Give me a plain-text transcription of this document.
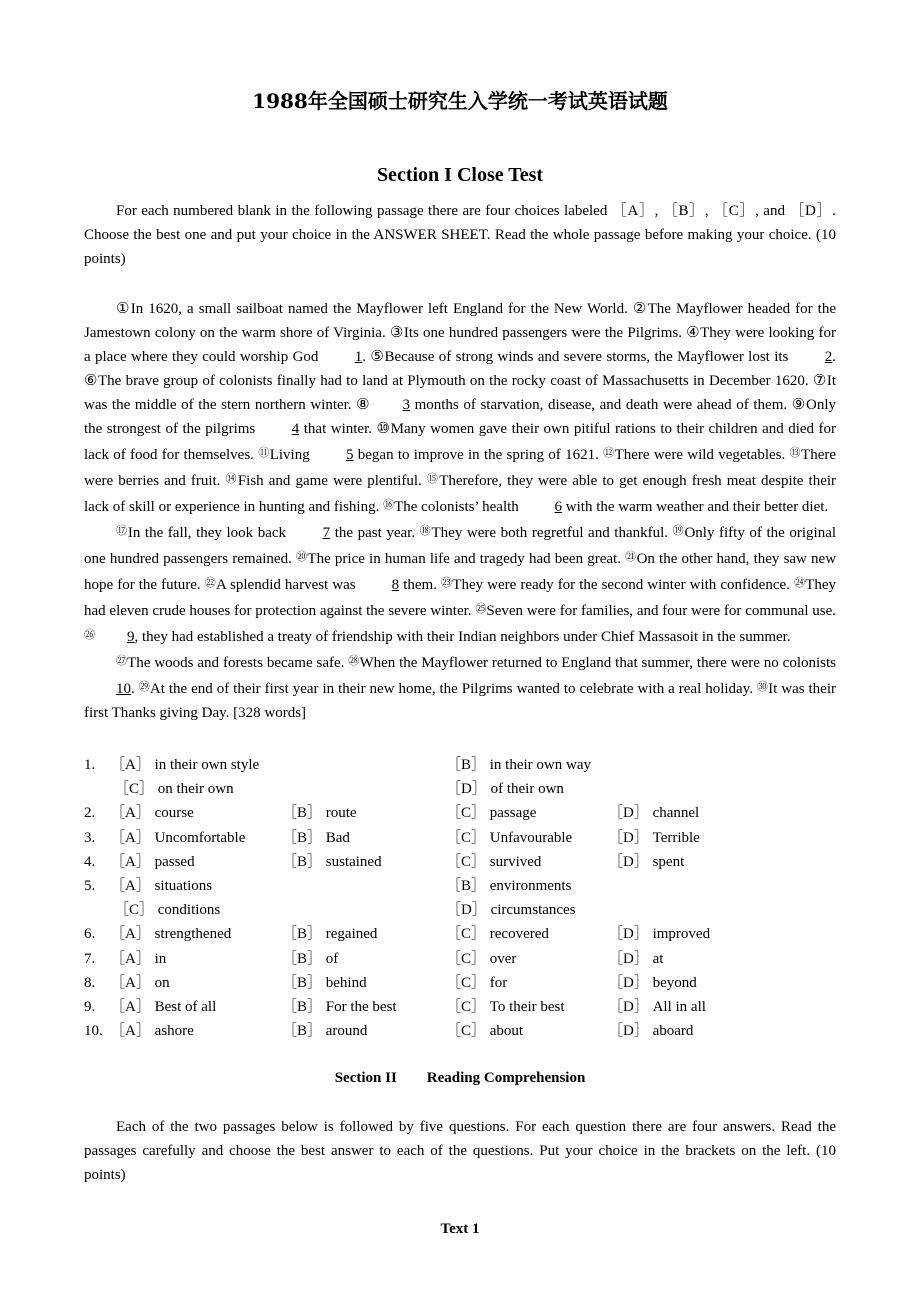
1988年全国硕士研究生入学统一考试英语试题
Section I Close Test

For each numbered blank in the following passage there are four choices labeled ［A］, ［B］, ［C］, and ［D］. Choose the best one and put your choice in the ANSWER SHEET. Read the whole passage before making your choice. (10 points)

①In 1620, a small sailboat named the Mayflower left England for the New World. ②The Mayflower headed for the Jamestown colony on the warm shore of Virginia. ③Its one hundred passengers were the Pilgrims. ④They were looking for a place where they could worship God 1. ⑤Because of strong winds and severe storms, the Mayflower lost its 2. ⑥The brave group of colonists finally had to land at Plymouth on the rocky coast of Massachusetts in December 1620. ⑦It was the middle of the stern northern winter. ⑧ 3 months of starvation, disease, and death were ahead of them. ⑨Only the strongest of the pilgrims 4 that winter. ⑩Many women gave their own pitiful rations to their children and died for lack of food for themselves. ⑪Living 5 began to improve in the spring of 1621. ⑫There were wild vegetables. ⑬There were berries and fruit. ⑭Fish and game were plentiful. ⑮Therefore, they were able to get enough fresh meat despite their lack of skill or experience in hunting and fishing. ⑯The colonists’ health 6 with the warm weather and their better diet.

⑰In the fall, they look back 7 the past year. ⑱They were both regretful and thankful. ⑲Only fifty of the original one hundred passengers remained. ⑳The price in human life and tragedy had been great. $^㉑$On the other hand, they saw new hope for the future. $^㉒$A splendid harvest was 8 them. $^㉓$They were ready for the second winter with confidence. $^㉔$They had eleven crude houses for protection against the severe winter. $^㉕$Seven were for families, and four were for communal use. $^㉖$ 9, they had established a treaty of friendship with their Indian neighbors under Chief Massasoit in the summer.

$^㉗$The woods and forests became safe. $^㉘$When the Mayflower returned to England that summer, there were no colonists 10. $^㉙$At the end of their first year in their new home, the Pilgrims wanted to celebrate with a real holiday. $^㉚$It was their first Thanks giving Day. [328 words]

1. ［A］ in their own style	［B］ in their own way
［C］ on their own	［D］ of their own
2. ［A］ course	［B］ route	［C］ passage	［D］ channel
3. ［A］ Uncomfortable ［B］ Bad	［C］ Unfavourable ［D］ Terrible
4. ［A］ passed	［B］ sustained	［C］ survived	［D］ spent
5. ［A］ situations	［B］ environments
［C］ conditions	［D］ circumstances
6. ［A］ strengthened	［B］ regained	［C］ recovered	［D］ improved
7. ［A］ in	［B］ of	［C］ over	［D］ at
8. ［A］ on	［B］ behind	［C］ for	［D］ beyond
9. ［A］ Best of all	［B］ For the best	［C］ To their best	［D］ All in all
10. ［A］ ashore	［B］ around	［C］ about	［D］ aboard
Section II Reading Comprehension

Each of the two passages below is followed by five questions. For each question there are four answers. Read the passages carefully and choose the best answer to each of the questions. Put your choice in the brackets on the left. (10 points)

Text 1
